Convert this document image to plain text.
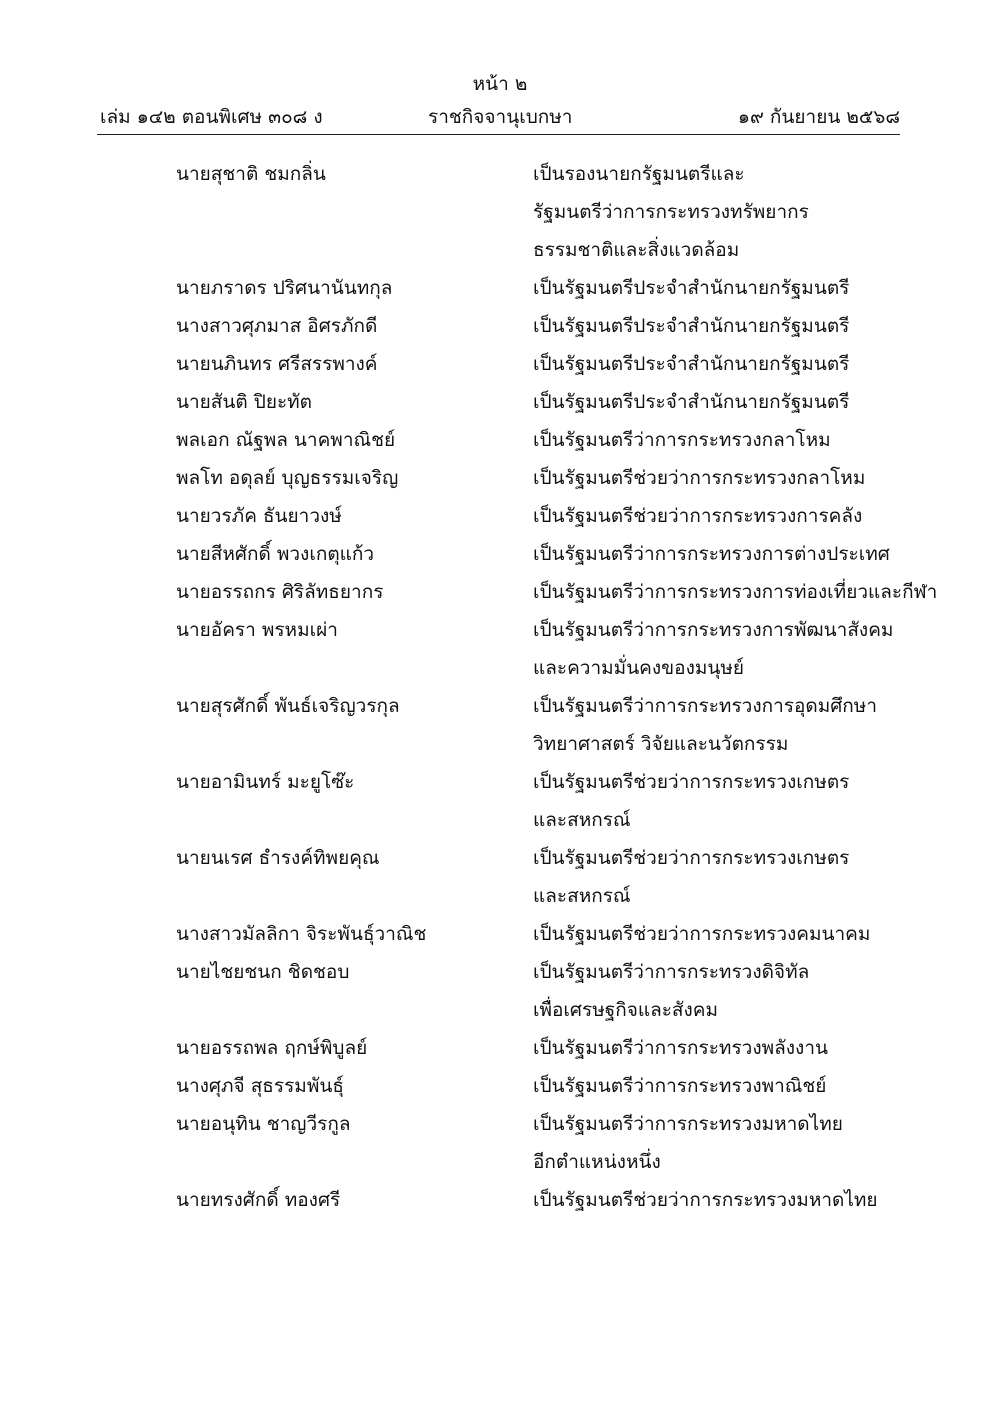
หน้า ๒
เล่ม ๑๔๒ ตอนพิเศษ ๓๐๘ ง	ราชกิจจานุเบกษา	๑๙ กันยายน ๒๕๖๘
นายสุชาติ ชมกลิ่น	เป็นรองนายกรัฐมนตรีและ
รัฐมนตรีว่าการกระทรวงทรัพยากร
ธรรมชาติและสิ่งแวดล้อม
นายภราดร ปริศนานันทกุล	เป็นรัฐมนตรีประจำสำนักนายกรัฐมนตรี
นางสาวศุภมาส อิศรภักดี	เป็นรัฐมนตรีประจำสำนักนายกรัฐมนตรี
นายนภินทร ศรีสรรพางค์	เป็นรัฐมนตรีประจำสำนักนายกรัฐมนตรี
นายสันติ ปิยะทัต	เป็นรัฐมนตรีประจำสำนักนายกรัฐมนตรี
พลเอก ณัฐพล นาคพาณิชย์	เป็นรัฐมนตรีว่าการกระทรวงกลาโหม
พลโท อดุลย์ บุญธรรมเจริญ	เป็นรัฐมนตรีช่วยว่าการกระทรวงกลาโหม
นายวรภัค ธันยาวงษ์	เป็นรัฐมนตรีช่วยว่าการกระทรวงการคลัง
นายสีหศักดิ์ พวงเกตุแก้ว	เป็นรัฐมนตรีว่าการกระทรวงการต่างประเทศ
นายอรรถกร ศิริลัทธยากร	เป็นรัฐมนตรีว่าการกระทรวงการท่องเที่ยวและกีฬา
นายอัครา พรหมเผ่า	เป็นรัฐมนตรีว่าการกระทรวงการพัฒนาสังคม
และความมั่นคงของมนุษย์
นายสุรศักดิ์ พันธ์เจริญวรกุล	เป็นรัฐมนตรีว่าการกระทรวงการอุดมศึกษา
วิทยาศาสตร์ วิจัยและนวัตกรรม
นายอามินทร์ มะยูโซ๊ะ	เป็นรัฐมนตรีช่วยว่าการกระทรวงเกษตร
และสหกรณ์
นายนเรศ ธำรงค์ทิพยคุณ	เป็นรัฐมนตรีช่วยว่าการกระทรวงเกษตร
และสหกรณ์
นางสาวมัลลิกา จิระพันธุ์วาณิช	เป็นรัฐมนตรีช่วยว่าการกระทรวงคมนาคม
นายไชยชนก ชิดชอบ	เป็นรัฐมนตรีว่าการกระทรวงดิจิทัล
เพื่อเศรษฐกิจและสังคม
นายอรรถพล ฤกษ์พิบูลย์	เป็นรัฐมนตรีว่าการกระทรวงพลังงาน
นางศุภจี สุธรรมพันธุ์	เป็นรัฐมนตรีว่าการกระทรวงพาณิชย์
นายอนุทิน ชาญวีรกูล	เป็นรัฐมนตรีว่าการกระทรวงมหาดไทย
อีกตำแหน่งหนึ่ง
นายทรงศักดิ์ ทองศรี	เป็นรัฐมนตรีช่วยว่าการกระทรวงมหาดไทย
